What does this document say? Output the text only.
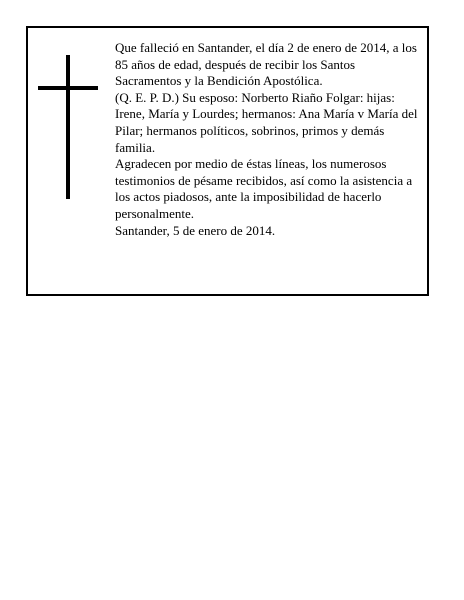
Que falleció en Santander, el día 2 de enero de 2014, a los 85 años de edad, después de recibir los Santos Sacramentos y la Bendición Apostólica.

(Q. E. P. D.) Su esposo: Norberto Riaño Folgar: hijas: Irene, María y Lourdes; hermanos: Ana María v María del Pilar; hermanos políticos, sobrinos, primos y demás familia.

Agradecen por medio de éstas líneas, los numerosos testimonios de pésame recibidos, así como la asistencia a los actos piadosos, ante la imposibilidad de hacerlo personalmente.

Santander, 5 de enero de 2014.
